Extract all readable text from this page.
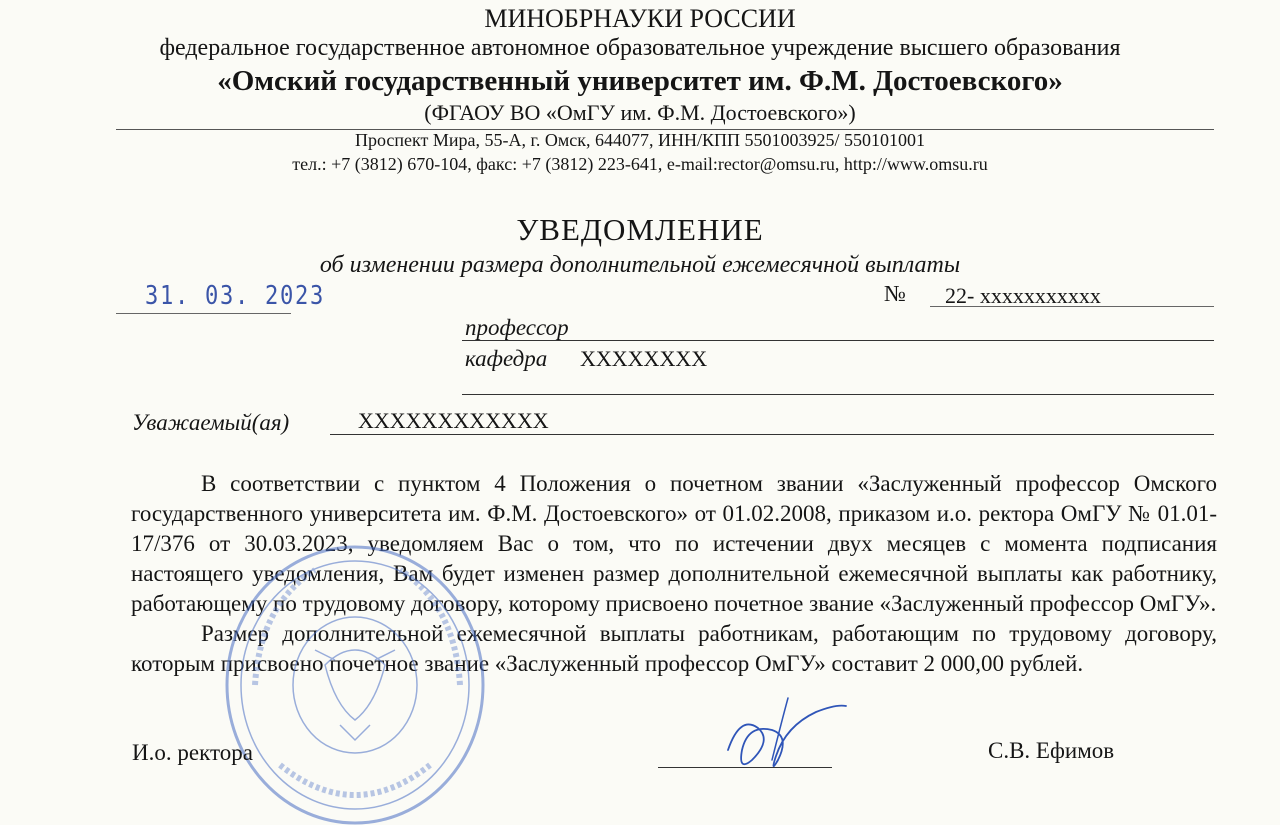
МИНОБРНАУКИ РОССИИ
федеральное государственное автономное образовательное учреждение высшего образования
«Омский государственный университет им. Ф.М. Достоевского»
(ФГАОУ ВО «ОмГУ им. Ф.М. Достоевского»)
Проспект Мира, 55-А, г. Омск, 644077, ИНН/КПП 5501003925/ 550101001
тел.: +7 (3812) 670-104, факс: +7 (3812) 223-641, e-mail:rector@omsu.ru, http://www.omsu.ru
УВЕДОМЛЕНИЕ
об изменении размера дополнительной ежемесячной выплаты
31. 03. 2023	№ 22- xxxxxxxxxxx
профессор
кафедра XXXXXXXX
Уважаемый(ая)	XXXXXXXXXXXX

В соответствии с пунктом 4 Положения о почетном звании «Заслуженный профессор Омского государственного университета им. Ф.М. Достоевского» от 01.02.2008, приказом и.о. ректора ОмГУ № 01.01-17/376 от 30.03.2023, уведомляем Вас о том, что по истечении двух месяцев с момента подписания настоящего уведомления, Вам будет изменен размер дополнительной ежемесячной выплаты как работнику, работающему по трудовому договору, которому присвоено почетное звание «Заслуженный профессор ОмГУ».

Размер дополнительной ежемесячной выплаты работникам, работающим по трудовому договору, которым присвоено почетное звание «Заслуженный профессор ОмГУ» составит 2 000,00 рублей.

И.о. ректора	С.В. Ефимов
